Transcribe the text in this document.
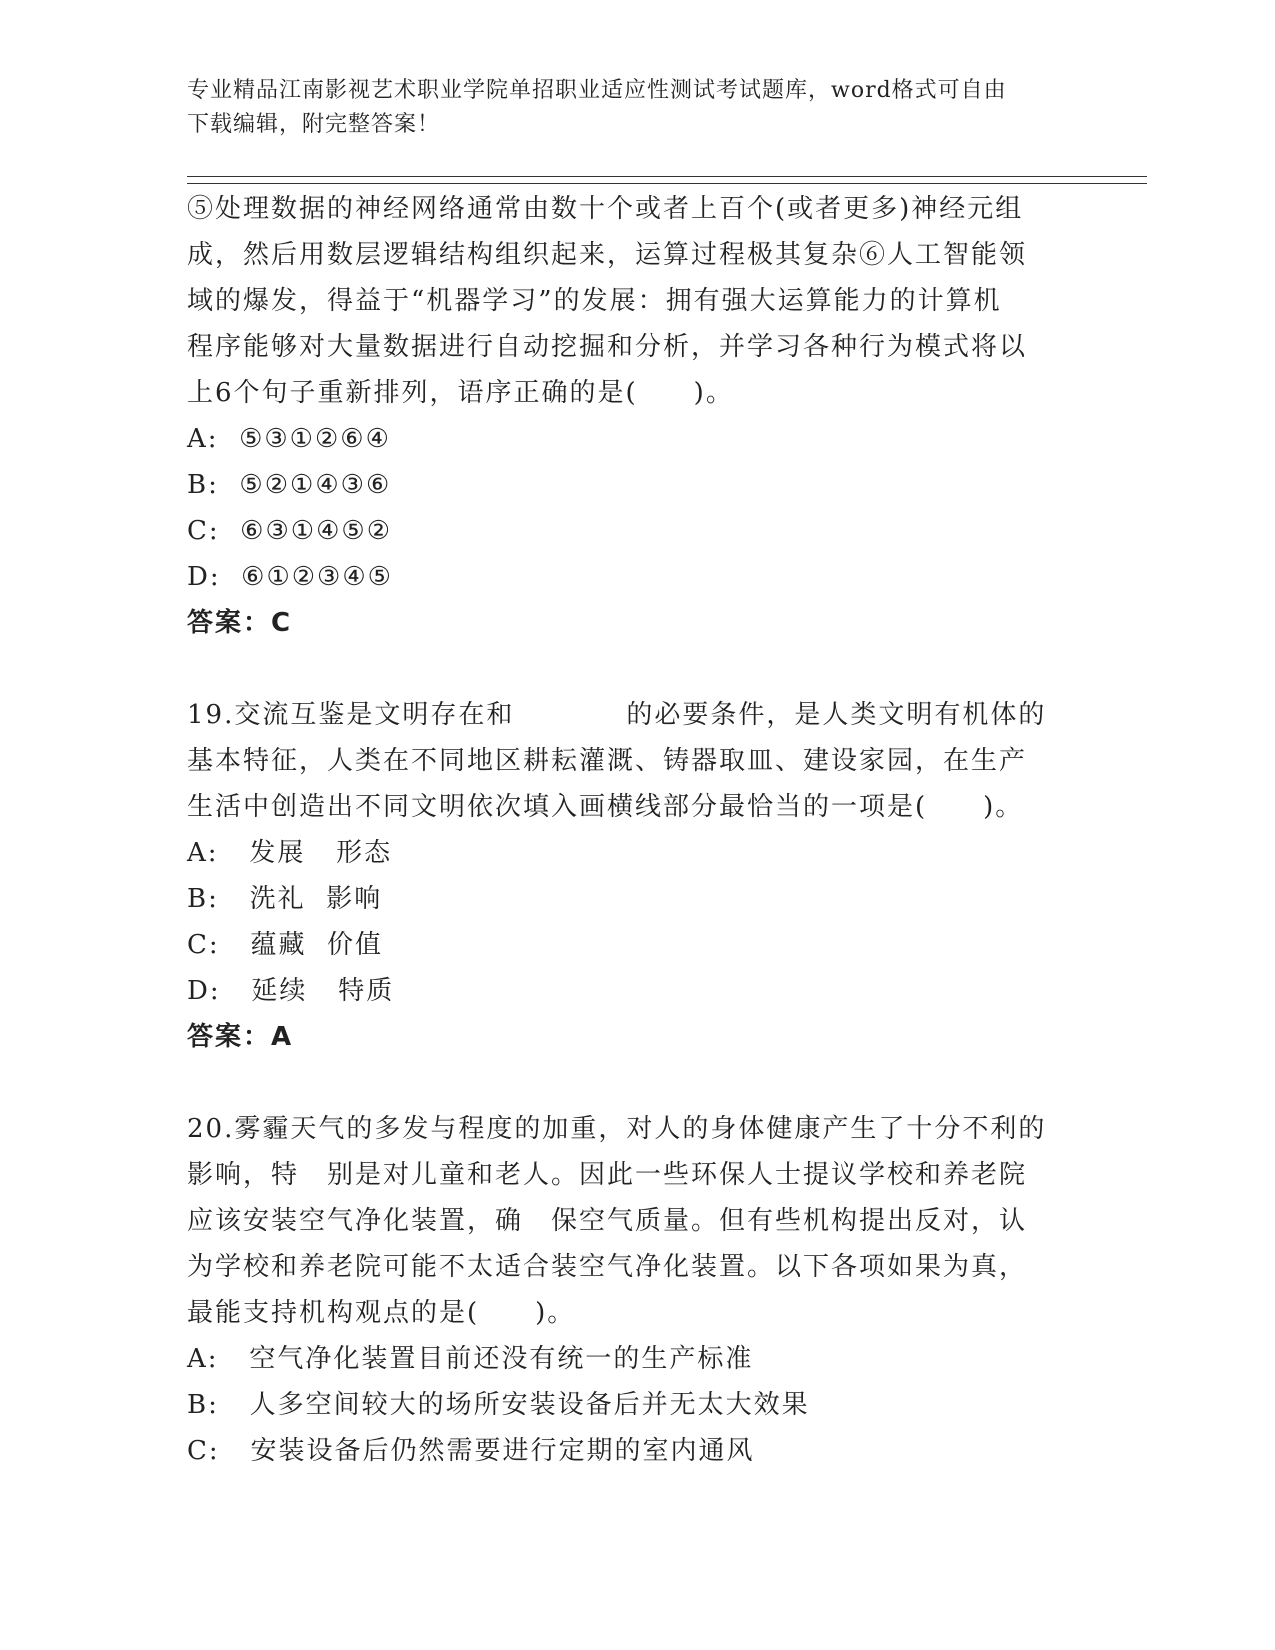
专业精品江南影视艺术职业学院单招职业适应性测试考试题库，word格式可自由
下载编辑，附完整答案！

⑤处理数据的神经网络通常由数十个或者上百个(或者更多)神经元组

成，然后用数层逻辑结构组织起来，运算过程极其复杂⑥人工智能领

域的爆发，得益于“机器学习”的发展：拥有强大运算能力的计算机

程序能够对大量数据进行自动挖掘和分析，并学习各种行为模式将以

上6个句子重新排列，语序正确的是(　　)。

A:  ⑤③①②⑥④

B:  ⑤②①④③⑥

C:  ⑥③①④⑤②

D:  ⑥①②③④⑤

答案：C

19.交流互鉴是文明存在和　　　　的必要条件，是人类文明有机体的

基本特征，人类在不同地区耕耘灌溉、铸器取皿、建设家园，在生产

生活中创造出不同文明依次填入画横线部分最恰当的一项是(　　)。

A:   发展   形态

B:   洗礼  影响

C:   蕴藏  价值

D:   延续   特质

答案：A

20.雾霾天气的多发与程度的加重，对人的身体健康产生了十分不利的

影响，特　别是对儿童和老人。因此一些环保人士提议学校和养老院

应该安装空气净化装置，确　保空气质量。但有些机构提出反对，认

为学校和养老院可能不太适合装空气净化装置。以下各项如果为真，

最能支持机构观点的是(　　)。

A:   空气净化装置目前还没有统一的生产标准

B:   人多空间较大的场所安装设备后并无太大效果

C:   安装设备后仍然需要进行定期的室内通风
